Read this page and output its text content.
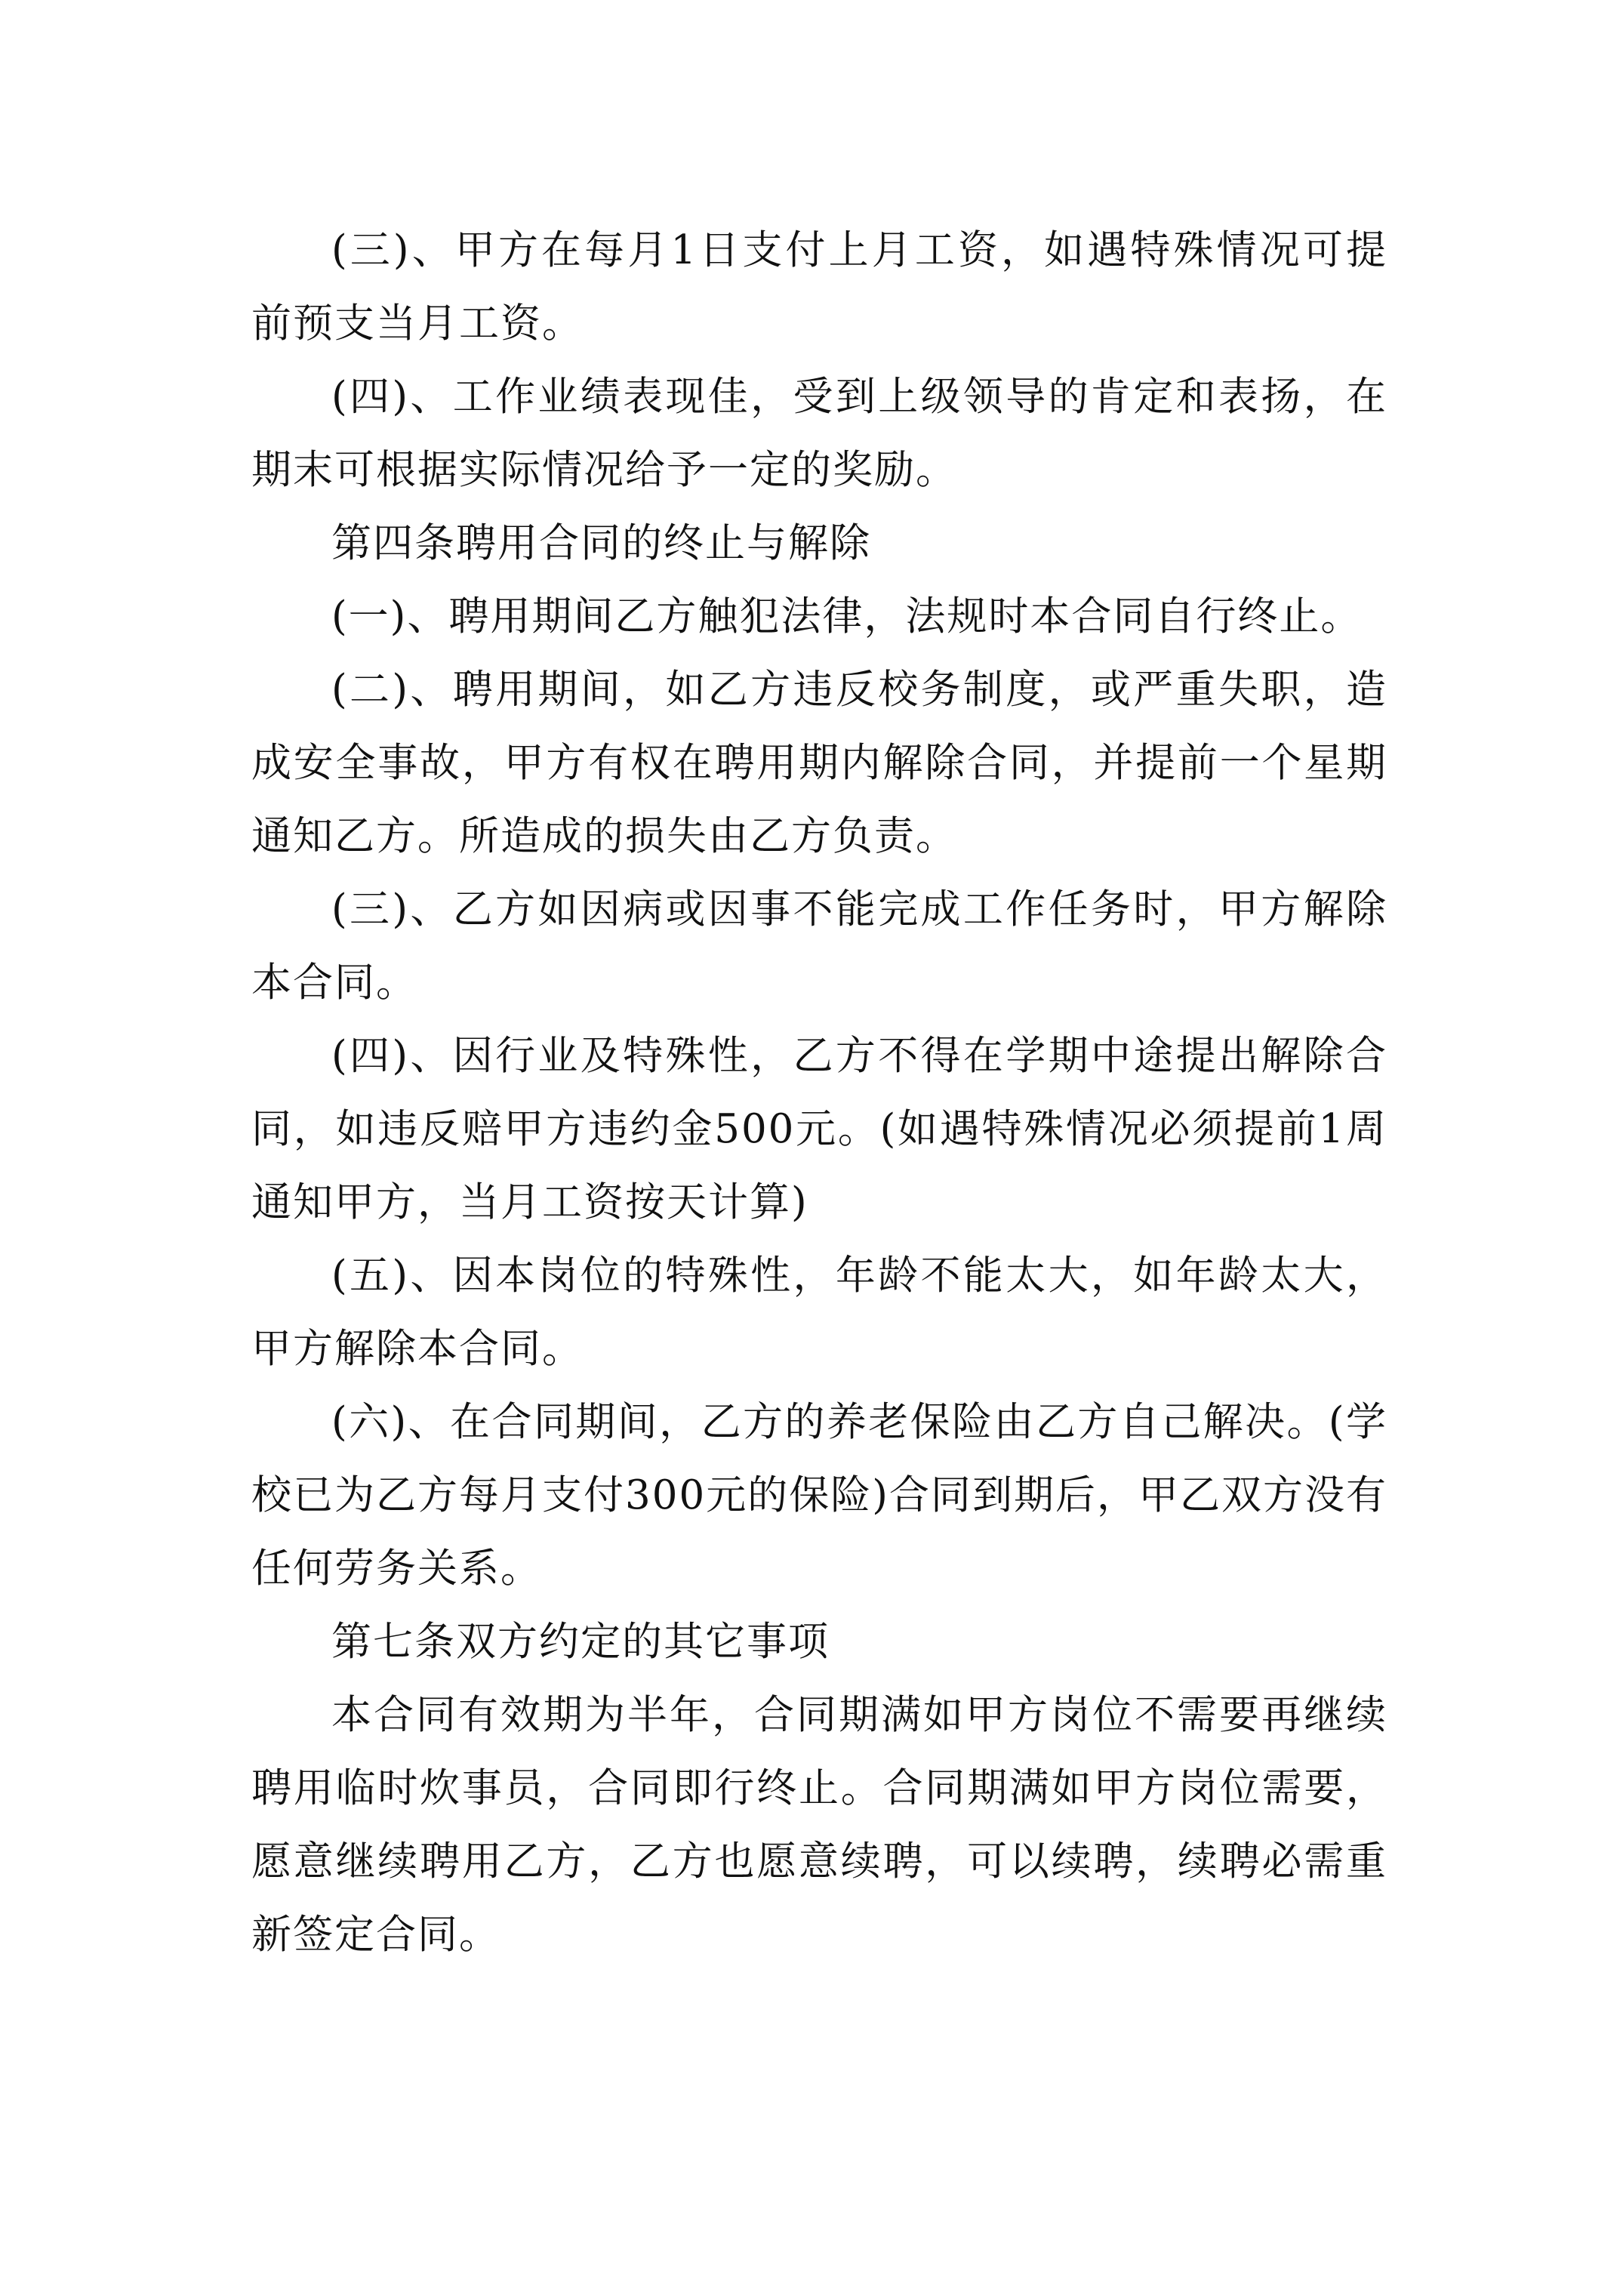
(三)、甲方在每月1日支付上月工资，如遇特殊情况可提前预支当月工资。

(四)、工作业绩表现佳，受到上级领导的肯定和表扬，在期末可根据实际情况给予一定的奖励。

第四条聘用合同的终止与解除

(一)、聘用期间乙方触犯法律，法规时本合同自行终止。

(二)、聘用期间，如乙方违反校务制度，或严重失职，造成安全事故，甲方有权在聘用期内解除合同，并提前一个星期通知乙方。所造成的损失由乙方负责。

(三)、乙方如因病或因事不能完成工作任务时，甲方解除本合同。

(四)、因行业及特殊性，乙方不得在学期中途提出解除合同，如违反赔甲方违约金500元。(如遇特殊情况必须提前1周通知甲方，当月工资按天计算)

(五)、因本岗位的特殊性，年龄不能太大，如年龄太大，甲方解除本合同。

(六)、在合同期间，乙方的养老保险由乙方自己解决。(学校已为乙方每月支付300元的保险)合同到期后，甲乙双方没有任何劳务关系。

第七条双方约定的其它事项

本合同有效期为半年，合同期满如甲方岗位不需要再继续聘用临时炊事员，合同即行终止。合同期满如甲方岗位需要，愿意继续聘用乙方，乙方也愿意续聘，可以续聘，续聘必需重新签定合同。
